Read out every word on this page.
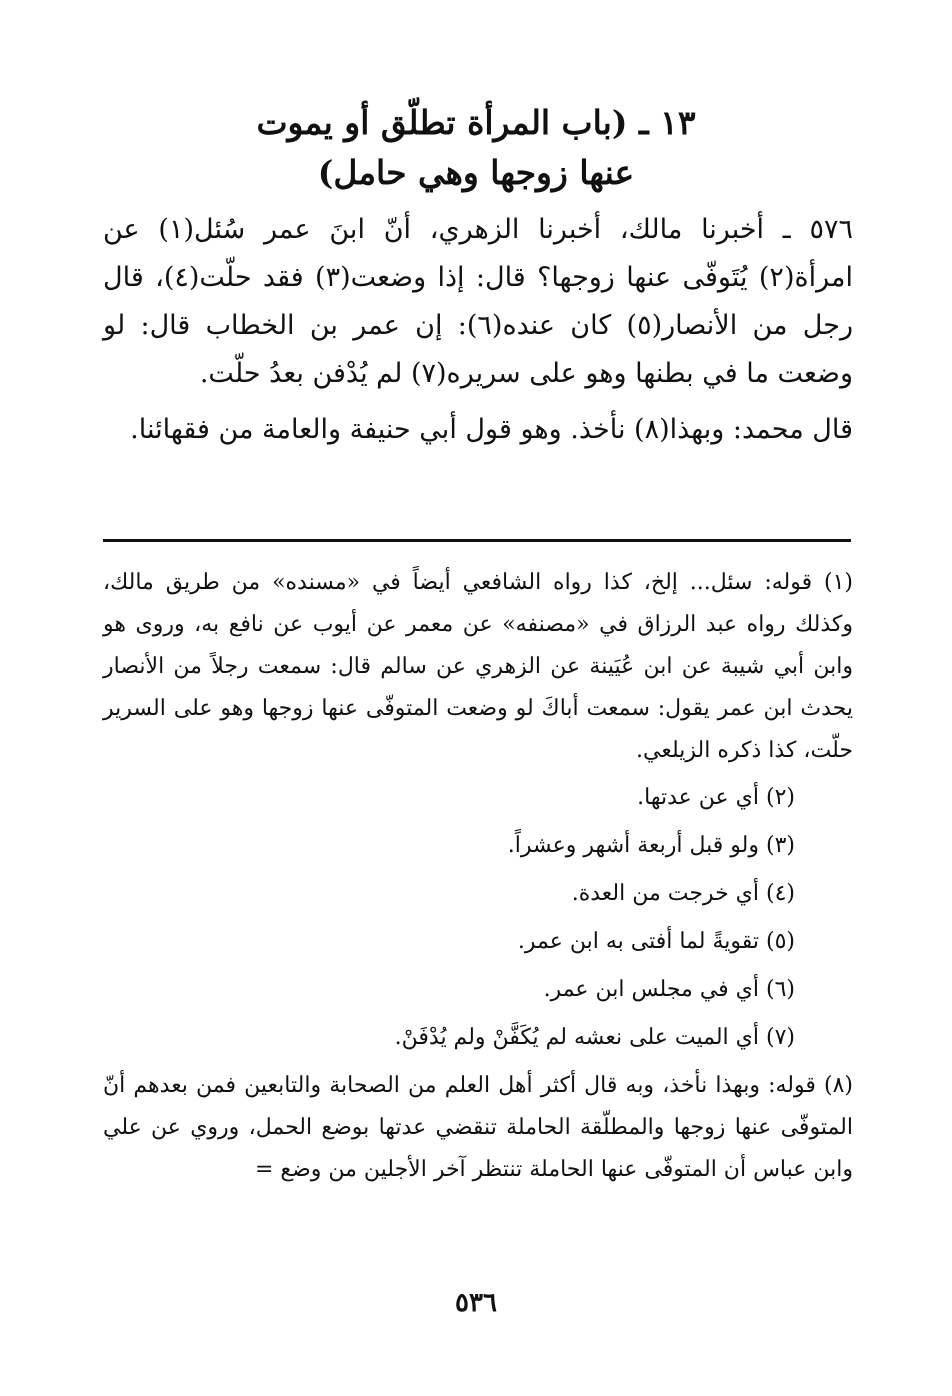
١٣ ـ (باب المرأة تطلّق أو يموت
عنها زوجها وهي حامل)

٥٧٦ ـ أخبرنا مالك، أخبرنا الزهري، أنّ ابنَ عمر سُئل(١) عن امرأة(٢) يُتَوفّى عنها زوجها؟ قال: إذا وضعت(٣) فقد حلّت(٤)، قال رجل من الأنصار(٥) كان عنده(٦): إن عمر بن الخطاب قال: لو وضعت ما في بطنها وهو على سريره(٧) لم يُدْفن بعدُ حلّت.

قال محمد: وبهذا(٨) نأخذ. وهو قول أبي حنيفة والعامة من فقهائنا.

(١) قوله: سئل... إلخ، كذا رواه الشافعي أيضاً في «مسنده» من طريق مالك، وكذلك رواه عبد الرزاق في «مصنفه» عن معمر عن أيوب عن نافع به، وروى هو وابن أبي شيبة عن ابن عُيَينة عن الزهري عن سالم قال: سمعت رجلاً من الأنصار يحدث ابن عمر يقول: سمعت أباكَ لو وضعت المتوفّى عنها زوجها وهو على السرير حلّت، كذا ذكره الزيلعي.

(٢) أي عن عدتها.

(٣) ولو قبل أربعة أشهر وعشراً.

(٤) أي خرجت من العدة.

(٥) تقويةً لما أفتى به ابن عمر.

(٦) أي في مجلس ابن عمر.

(٧) أي الميت على نعشه لم يُكَفَّنْ ولم يُدْفَنْ.

(٨) قوله: وبهذا نأخذ، وبه قال أكثر أهل العلم من الصحابة والتابعين فمن بعدهم أنّ المتوفّى عنها زوجها والمطلّقة الحاملة تنقضي عدتها بوضع الحمل، وروي عن علي وابن عباس أن المتوفّى عنها الحاملة تنتظر آخر الأجلين من وضع =

٥٣٦
